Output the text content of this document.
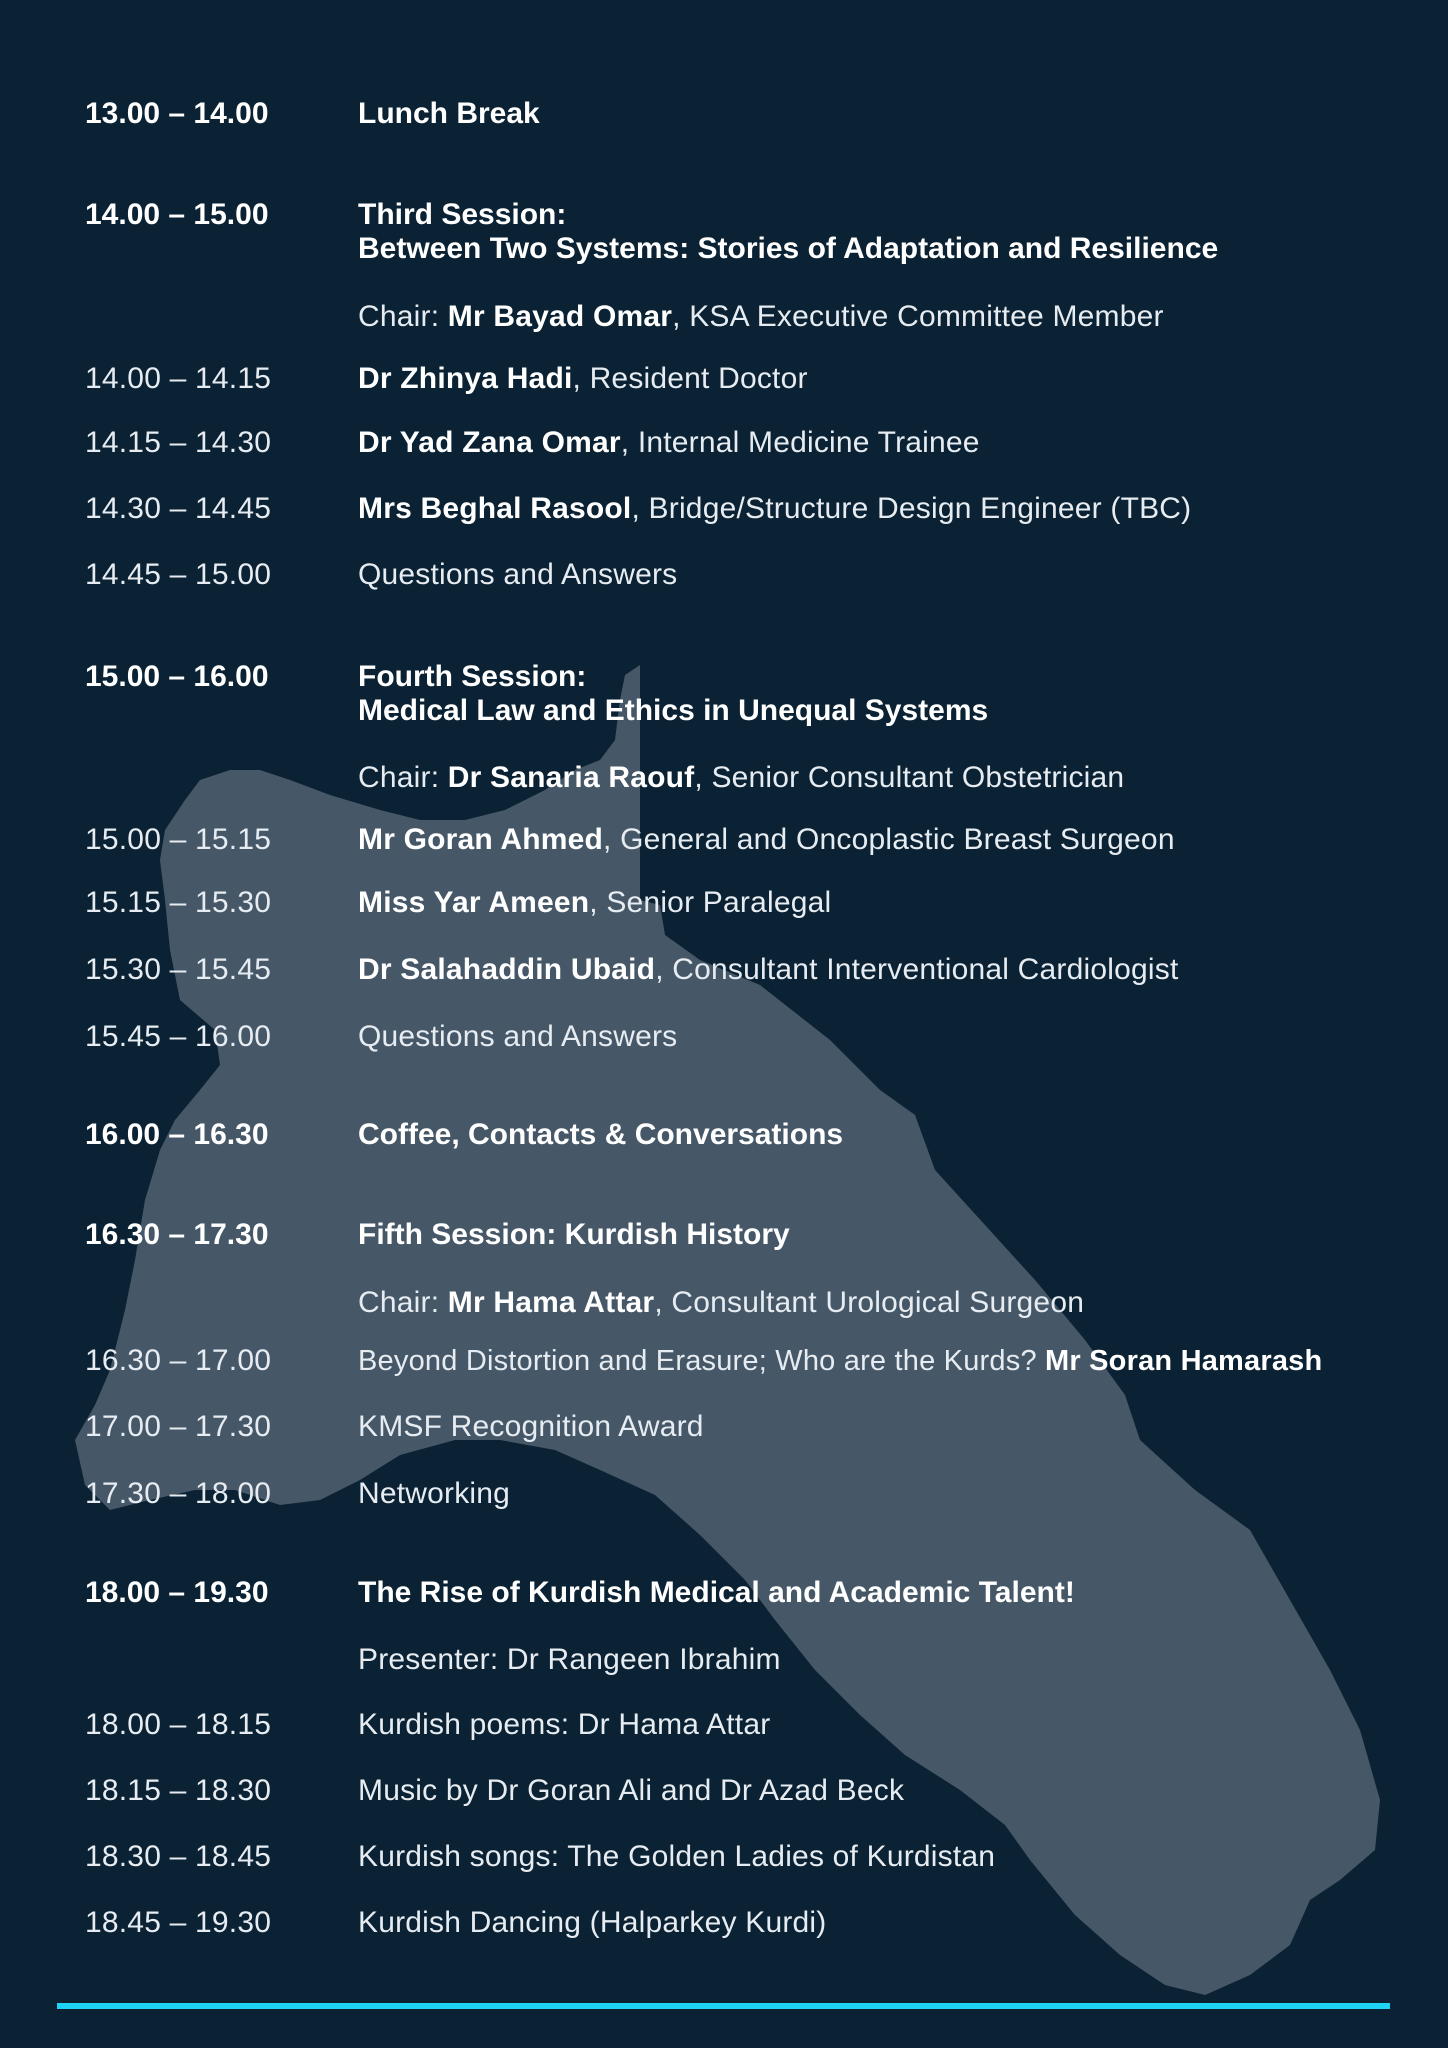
13.00 – 14.00	Lunch Break
14.00 – 15.00	Third Session:
Between Two Systems: Stories of Adaptation and Resilience
Chair: Mr Bayad Omar, KSA Executive Committee Member
14.00 – 14.15	Dr Zhinya Hadi, Resident Doctor
14.15 – 14.30	Dr Yad Zana Omar, Internal Medicine Trainee
14.30 – 14.45	Mrs Beghal Rasool, Bridge/Structure Design Engineer (TBC)
14.45 – 15.00	Questions and Answers
15.00 – 16.00	Fourth Session:
Medical Law and Ethics in Unequal Systems
Chair: Dr Sanaria Raouf, Senior Consultant Obstetrician
15.00 – 15.15	Mr Goran Ahmed, General and Oncoplastic Breast Surgeon
15.15 – 15.30	Miss Yar Ameen, Senior Paralegal
15.30 – 15.45	Dr Salahaddin Ubaid, Consultant Interventional Cardiologist
15.45 – 16.00	Questions and Answers
16.00 – 16.30	Coffee, Contacts & Conversations
16.30 – 17.30	Fifth Session: Kurdish History
Chair: Mr Hama Attar, Consultant Urological Surgeon
16.30 – 17.00	Beyond Distortion and Erasure; Who are the Kurds? Mr Soran Hamarash
17.00 – 17.30	KMSF Recognition Award
17.30 – 18.00	Networking
18.00 – 19.30	The Rise of Kurdish Medical and Academic Talent!
Presenter: Dr Rangeen Ibrahim
18.00 – 18.15	Kurdish poems: Dr Hama Attar
18.15 – 18.30	Music by Dr Goran Ali and Dr Azad Beck
18.30 – 18.45	Kurdish songs: The Golden Ladies of Kurdistan
18.45 – 19.30	Kurdish Dancing (Halparkey Kurdi)
